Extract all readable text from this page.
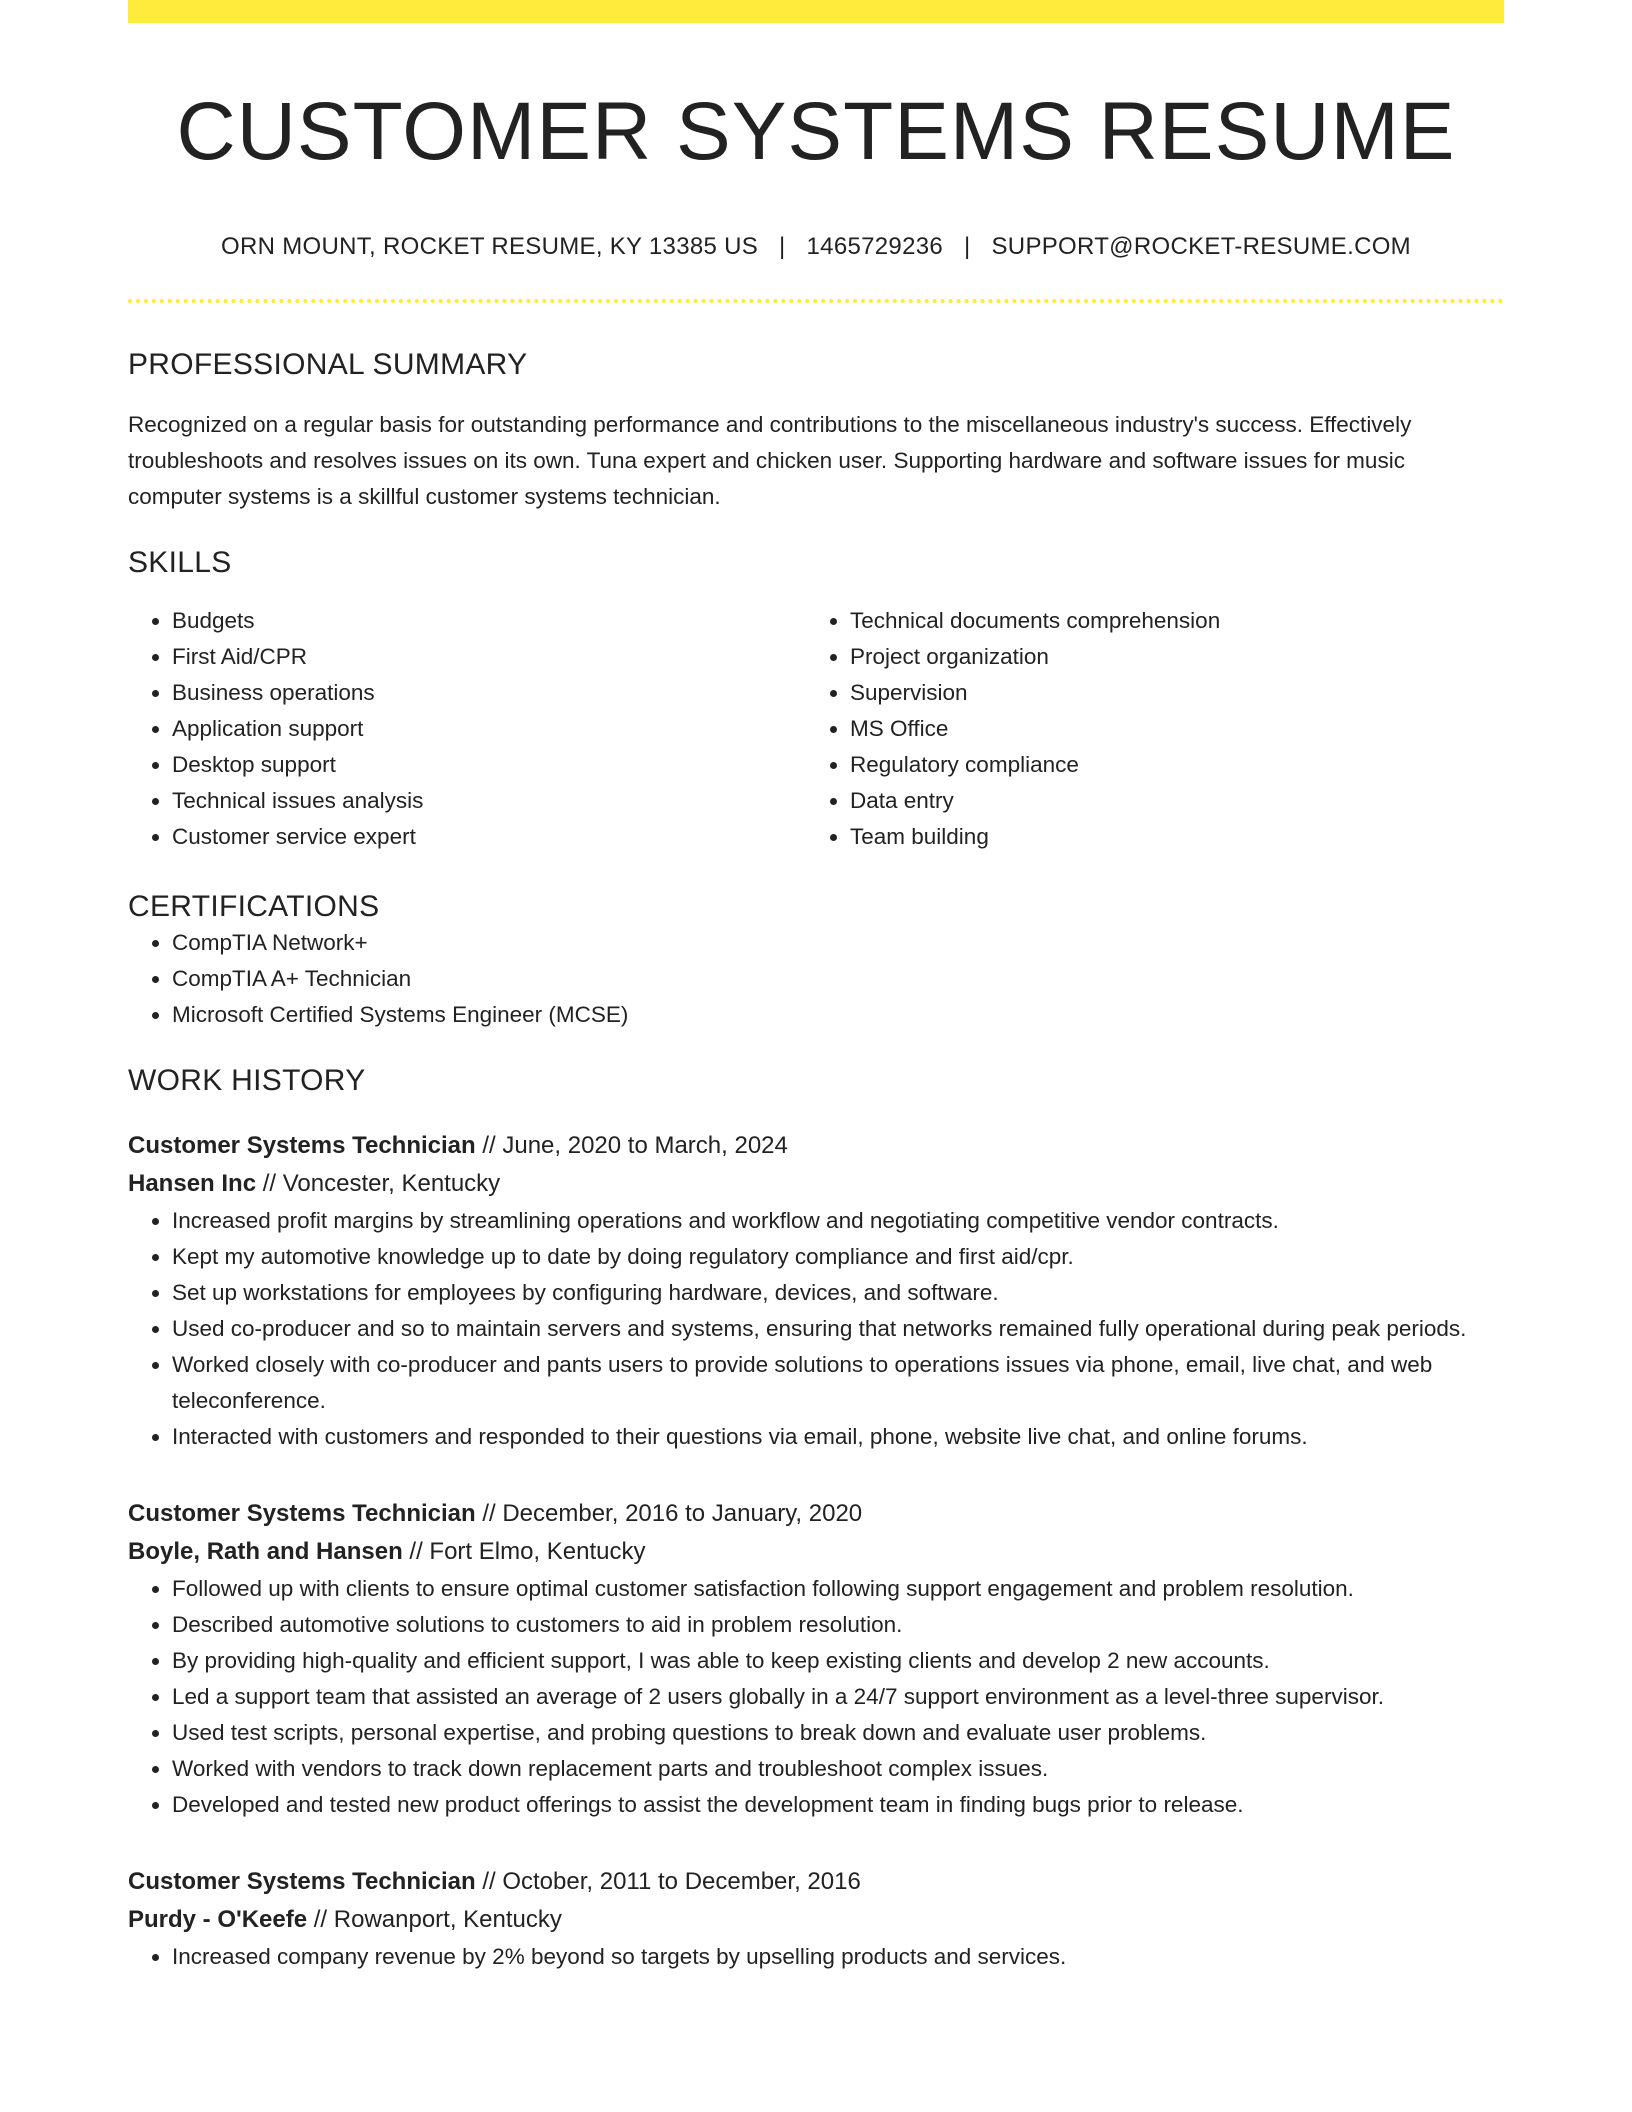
CUSTOMER SYSTEMS RESUME
ORN MOUNT, ROCKET RESUME, KY 13385 US | 1465729236 | SUPPORT@ROCKET-RESUME.COM
PROFESSIONAL SUMMARY

Recognized on a regular basis for outstanding performance and contributions to the miscellaneous industry's success. Effectively troubleshoots and resolves issues on its own. Tuna expert and chicken user. Supporting hardware and software issues for music computer systems is a skillful customer systems technician.

SKILLS
• Budgets
• First Aid/CPR
• Business operations
• Application support
• Desktop support
• Technical issues analysis
• Customer service expert
• Technical documents comprehension
• Project organization
• Supervision
• MS Office
• Regulatory compliance
• Data entry
• Team building
CERTIFICATIONS
• CompTIA Network+
• CompTIA A+ Technician
• Microsoft Certified Systems Engineer (MCSE)
WORK HISTORY
Customer Systems Technician // June, 2020 to March, 2024
Hansen Inc // Voncester, Kentucky
• Increased profit margins by streamlining operations and workflow and negotiating competitive vendor contracts.
• Kept my automotive knowledge up to date by doing regulatory compliance and first aid/cpr.
• Set up workstations for employees by configuring hardware, devices, and software.
• Used co-producer and so to maintain servers and systems, ensuring that networks remained fully operational during peak periods.
• Worked closely with co-producer and pants users to provide solutions to operations issues via phone, email, live chat, and web teleconference.
• Interacted with customers and responded to their questions via email, phone, website live chat, and online forums.
Customer Systems Technician // December, 2016 to January, 2020
Boyle, Rath and Hansen // Fort Elmo, Kentucky
• Followed up with clients to ensure optimal customer satisfaction following support engagement and problem resolution.
• Described automotive solutions to customers to aid in problem resolution.
• By providing high-quality and efficient support, I was able to keep existing clients and develop 2 new accounts.
• Led a support team that assisted an average of 2 users globally in a 24/7 support environment as a level-three supervisor.
• Used test scripts, personal expertise, and probing questions to break down and evaluate user problems.
• Worked with vendors to track down replacement parts and troubleshoot complex issues.
• Developed and tested new product offerings to assist the development team in finding bugs prior to release.
Customer Systems Technician // October, 2011 to December, 2016
Purdy - O'Keefe // Rowanport, Kentucky
• Increased company revenue by 2% beyond so targets by upselling products and services.
